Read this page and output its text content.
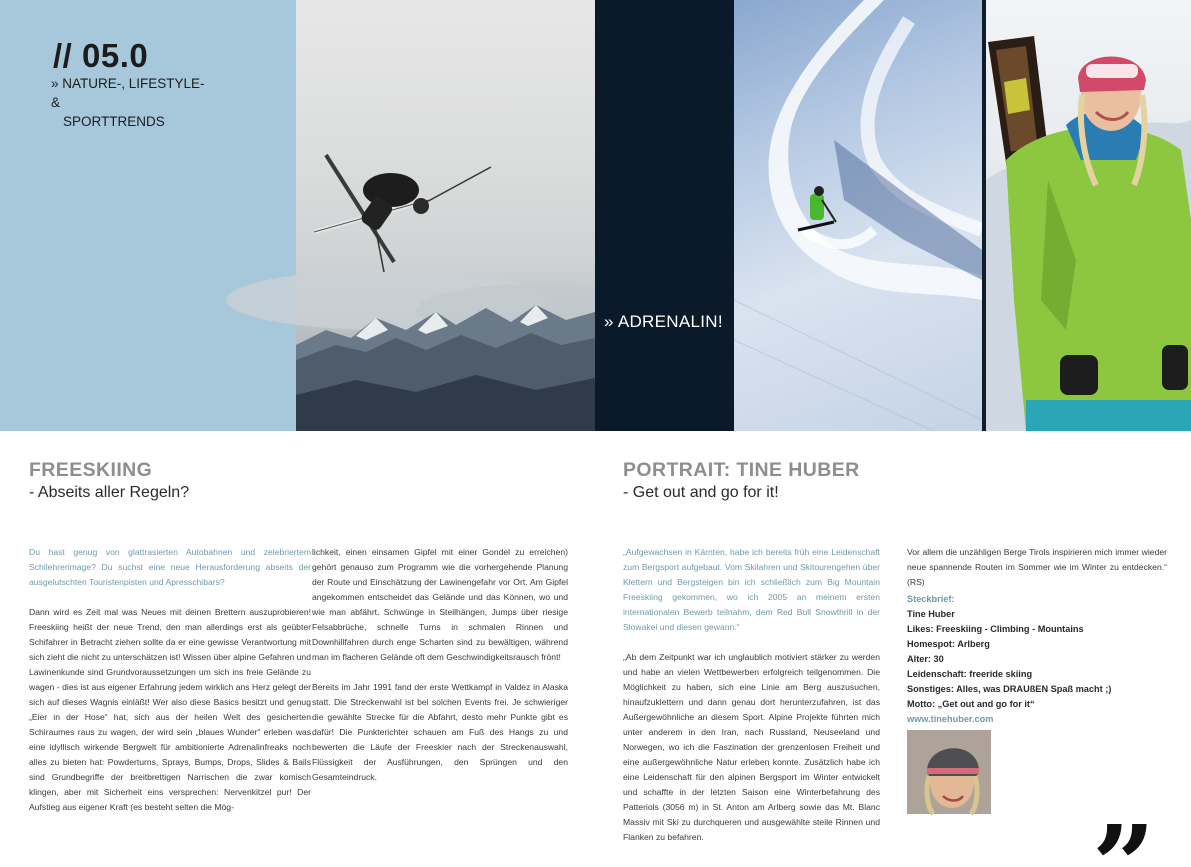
// 05.0
» NATURE-, LIFESTYLE- &
SPORTTRENDS
» ADRENALIN!
FREESKIING
- Abseits aller Regeln?

Du hast genug von glattrasierten Autobahnen und zelebriertem Schilehrerimage? Du suchst eine neue Herausforderung abseits der ausgelutschten Touristenpisten und Apresschibars?

Dann wird es Zeit mal was Neues mit deinen Brettern auszuprobieren! Freeskiing heißt der neue Trend, den man allerdings erst als geübter Schifahrer in Betracht ziehen sollte da er eine gewisse Verantwortung mit sich zieht die nicht zu unterschätzen ist! Wissen über alpine Gefahren und Lawinenkunde sind Grundvoraussetzungen um sich ins freie Gelände zu wagen - dies ist aus eigener Erfahrung jedem wirklich ans Herz gelegt der sich auf dieses Wagnis einläßt! Wer also diese Basics besitzt und genug „Eier in der Hose“ hat, sich aus der heilen Welt des gesicherten Schiraumes raus zu wagen, der wird sein „blaues Wunder“ erleben was eine idyllisch wirkende Bergwelt für ambitionierte Adrenalinfreaks noch alles zu bieten hat: Powderturns, Sprays, Bumps, Drops, Slides & Bails sind Grundbegriffe der breitbrettigen Narrischen die zwar komisch klingen, aber mit Sicherheit eins versprechen: Nervenkitzel pur! Der Aufstieg aus eigener Kraft (es besteht selten die Mög-

lichkeit, einen einsamen Gipfel mit einer Gondel zu erreichen) gehört genauso zum Programm wie die vorhergehende Planung der Route und Einschätzung der Lawinengefahr vor Ort. Am Gipfel angekommen entscheidet das Gelände und das Können, wo und wie man abfährt. Schwünge in Steilhängen, Jumps über riesige Felsabbrüche, schnelle Turns in schmalen Rinnen und Downhillfahren durch enge Scharten sind zu bewältigen, während man im flacheren Gelände oft dem Geschwindigkeitsrausch frönt!

Bereits im Jahr 1991 fand der erste Wettkampf in Valdez in Alaska statt. Die Streckenwahl ist bei solchen Events frei. Je schwieriger die gewählte Strecke für die Abfahrt, desto mehr Punkte gibt es dafür! Die Punkterichter schauen am Fuß des Hangs zu und bewerten die Läufe der Freeskier nach der Streckenauswahl, Flüssigkeit der Ausführungen, den Sprüngen und den Gesamteindruck.

PORTRAIT: TINE HUBER
- Get out and go for it!

„Aufgewachsen in Kärnten, habe ich bereits früh eine Leidenschaft zum Bergsport aufgebaut. Vom Skilahren und Skitourengehen über Klettern und Bergsteigen bin ich schließlich zum Big Mountain Freeskiing gekommen, wo ich 2005 an meinem ersten internationalen Bewerb teilnahm, dem Red Bull Snowthrill in der Slowakei und diesen gewann.“

„Ab dem Zeitpunkt war ich unglaublich motiviert stärker zu werden und habe an vielen Wettbewerben erfolgreich teilgenommen. Die Möglichkeit zu haben, sich eine Linie am Berg auszusuchen, hinaufzuklettern und dann genau dort herunterzufahren, ist das Außergewöhnliche an diesem Sport. Alpine Projekte führten mich unter anderem in den Iran, nach Russland, Neuseeland und Norwegen, wo ich die Faszination der grenzenlosen Freiheit und eine außergewöhnliche Natur erleben konnte. Zusätzlich habe ich eine Leidenschaft für den alpinen Bergsport im Winter entwickelt und schaffte in der letzten Saison eine Winterbefahrung des Patteriols (3056 m) in St. Anton am Arlberg sowie das Mt. Blanc Massiv mit Ski zu durchqueren und ausgewählte steile Rinnen und Flanken zu befahren.

Vor allem die unzähligen Berge Tirols inspirieren mich immer wieder neue spannende Routen im Sommer wie im Winter zu entdecken.“ (RS)

Steckbrief:
Tine Huber
Likes: Freeskiing - Climbing - Mountains
Homespot: Arlberg
Alter: 30
Leidenschaft: freeride skiing
Sonstiges: Alles, was DRAUßEN Spaß macht ;)
Motto: „Get out and go for it“
www.tinehuber.com
„
